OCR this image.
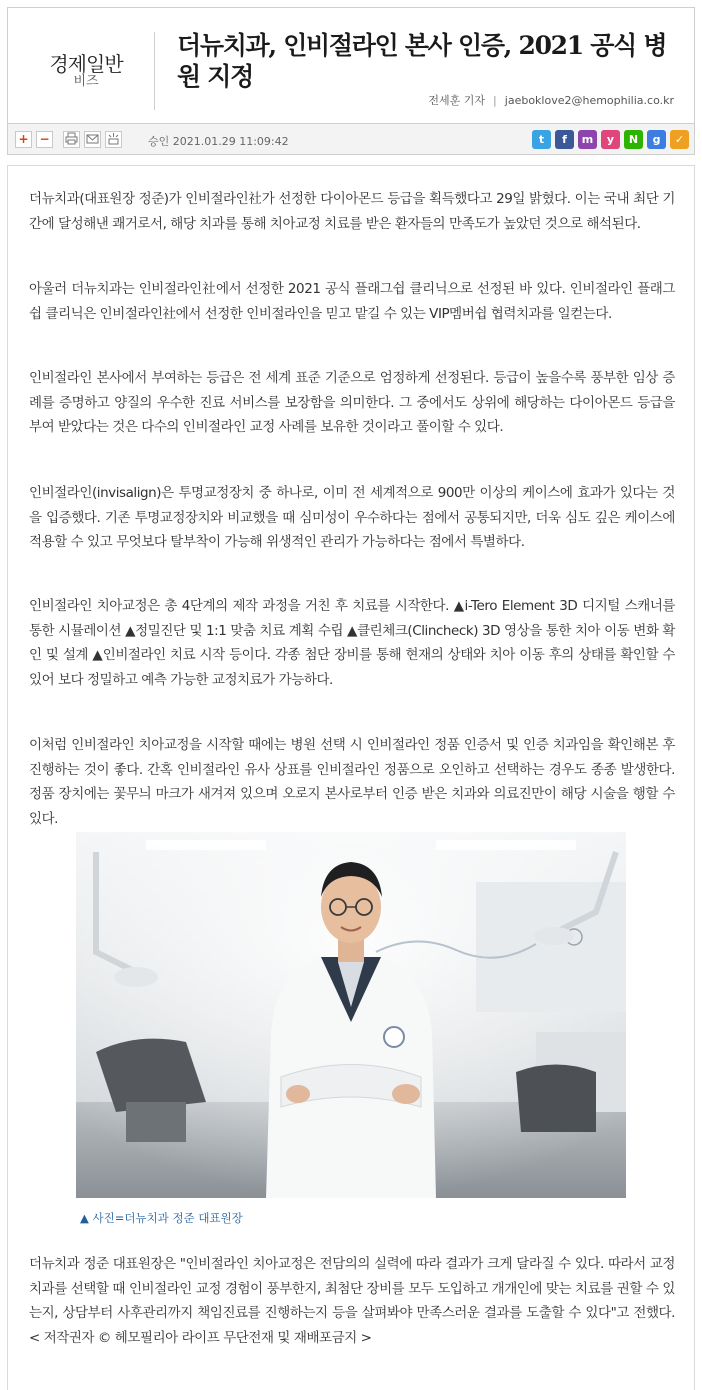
경제일반
비즈
더뉴치과, 인비절라인 본사 인증, 2021 공식 병원 지정
전세훈 기자 | jaeboklove2@hemophilia.co.kr
+ −	승인 2021.01.29 11:09:42	t	f	m	y	N	g	✓

더뉴치과(대표원장 정준)가 인비절라인社가 선정한 다이아몬드 등급을 획득했다고 29일 밝혔다. 이는 국내 최단 기간에 달성해낸 쾌거로서, 해당 치과를 통해 치아교정 치료를 받은 환자들의 만족도가 높았던 것으로 해석된다.

아울러 더뉴치과는 인비절라인社에서 선정한 2021 공식 플래그쉽 클리닉으로 선정된 바 있다. 인비절라인 플래그쉽 클리닉은 인비절라인社에서 선정한 인비절라인을 믿고 맡길 수 있는 VIP멤버쉽 협력치과를 일컫는다.

인비절라인 본사에서 부여하는 등급은 전 세계 표준 기준으로 엄정하게 선정된다. 등급이 높을수록 풍부한 임상 증례를 증명하고 양질의 우수한 진료 서비스를 보장함을 의미한다. 그 중에서도 상위에 해당하는 다이아몬드 등급을 부여 받았다는 것은 다수의 인비절라인 교정 사례를 보유한 것이라고 풀이할 수 있다.

인비절라인(invisalign)은 투명교정장치 중 하나로, 이미 전 세계적으로 900만 이상의 케이스에 효과가 있다는 것을 입증했다. 기존 투명교정장치와 비교했을 때 심미성이 우수하다는 점에서 공통되지만, 더욱 심도 깊은 케이스에 적용할 수 있고 무엇보다 탈부착이 가능해 위생적인 관리가 가능하다는 점에서 특별하다.

인비절라인 치아교정은 총 4단계의 제작 과정을 거친 후 치료를 시작한다. ▲i-Tero Element 3D 디지털 스캐너를 통한 시뮬레이션 ▲정밀진단 및 1:1 맞춤 치료 계획 수립 ▲클린체크(Clincheck) 3D 영상을 통한 치아 이동 변화 확인 및 설계 ▲인비절라인 치료 시작 등이다. 각종 첨단 장비를 통해 현재의 상태와 치아 이동 후의 상태를 확인할 수 있어 보다 정밀하고 예측 가능한 교정치료가 가능하다.

이처럼 인비절라인 치아교정을 시작할 때에는 병원 선택 시 인비절라인 정품 인증서 및 인증 치과임을 확인해본 후 진행하는 것이 좋다. 간혹 인비절라인 유사 상표를 인비절라인 정품으로 오인하고 선택하는 경우도 종종 발생한다. 정품 장치에는 꽃무늬 마크가 새겨져 있으며 오로지 본사로부터 인증 받은 치과와 의료진만이 해당 시술을 행할 수 있다.

▲ 사진=더뉴치과 정준 대표원장

더뉴치과 정준 대표원장은 "인비절라인 치아교정은 전담의의 실력에 따라 결과가 크게 달라질 수 있다. 따라서 교정치과를 선택할 때 인비절라인 교정 경험이 풍부한지, 최첨단 장비를 모두 도입하고 개개인에 맞는 치료를 권할 수 있는지, 상담부터 사후관리까지 책임진료를 진행하는지 등을 살펴봐야 만족스러운 결과를 도출할 수 있다"고 전했다.< 저작권자 © 헤모필리아 라이프 무단전재 및 재배포금지 >
